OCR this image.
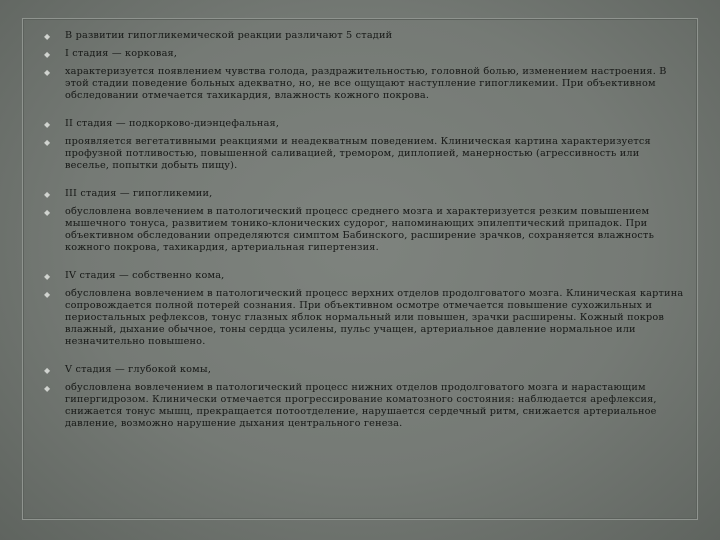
◆ В развитии гипогликемической реакции различают 5 стадий
◆ I стадия — корковая,
◆ характеризуется появлением чувства голода, раздражительностью, головной болью, изменением настроения. В этой стадии поведение больных адекватно, но, не все ощущают наступление гипогликемии. При объективном обследовании отмечается тахикардия, влажность кожного покрова.
◆ II стадия — подкорково-диэнцефальная,
◆ проявляется вегетативными реакциями и неадекватным поведением. Клиническая картина характеризуется профузной потливостью, повышенной саливацией, тремором, диплопией, манерностью (агрессивность или веселье, попытки добыть пищу).
◆ III стадия — гипогликемии,
◆ обусловлена вовлечением в патологический процесс среднего мозга и характеризуется резким повышением мышечного тонуса, развитием тонико-клонических судорог, напоминающих эпилептический припадок. При объективном обследовании определяются симптом Бабинского, расширение зрачков, сохраняется влажность кожного покрова, тахикардия, артериальная гипертензия.
◆ IV стадия — собственно кома,
◆ обусловлена вовлечением в патологический процесс верхних отделов продолговатого мозга. Клиническая картина сопровождается полной потерей сознания. При объективном осмотре отмечается повышение сухожильных и периостальных рефлексов, тонус глазных яблок нормальный или повышен, зрачки расширены. Кожный покров влажный, дыхание обычное, тоны сердца усилены, пульс учащен, артериальное давление нормальное или незначительно повышено.
◆ V стадия — глубокой комы,
◆ обусловлена вовлечением в патологический процесс нижних отделов продолговатого мозга и нарастающим гипергидрозом. Клинически отмечается прогрессирование коматозного состояния: наблюдается арефлексия, снижается тонус мышц, прекращается потоотделение, нарушается сердечный ритм, снижается артериальное давление, возможно нарушение дыхания центрального генеза.
